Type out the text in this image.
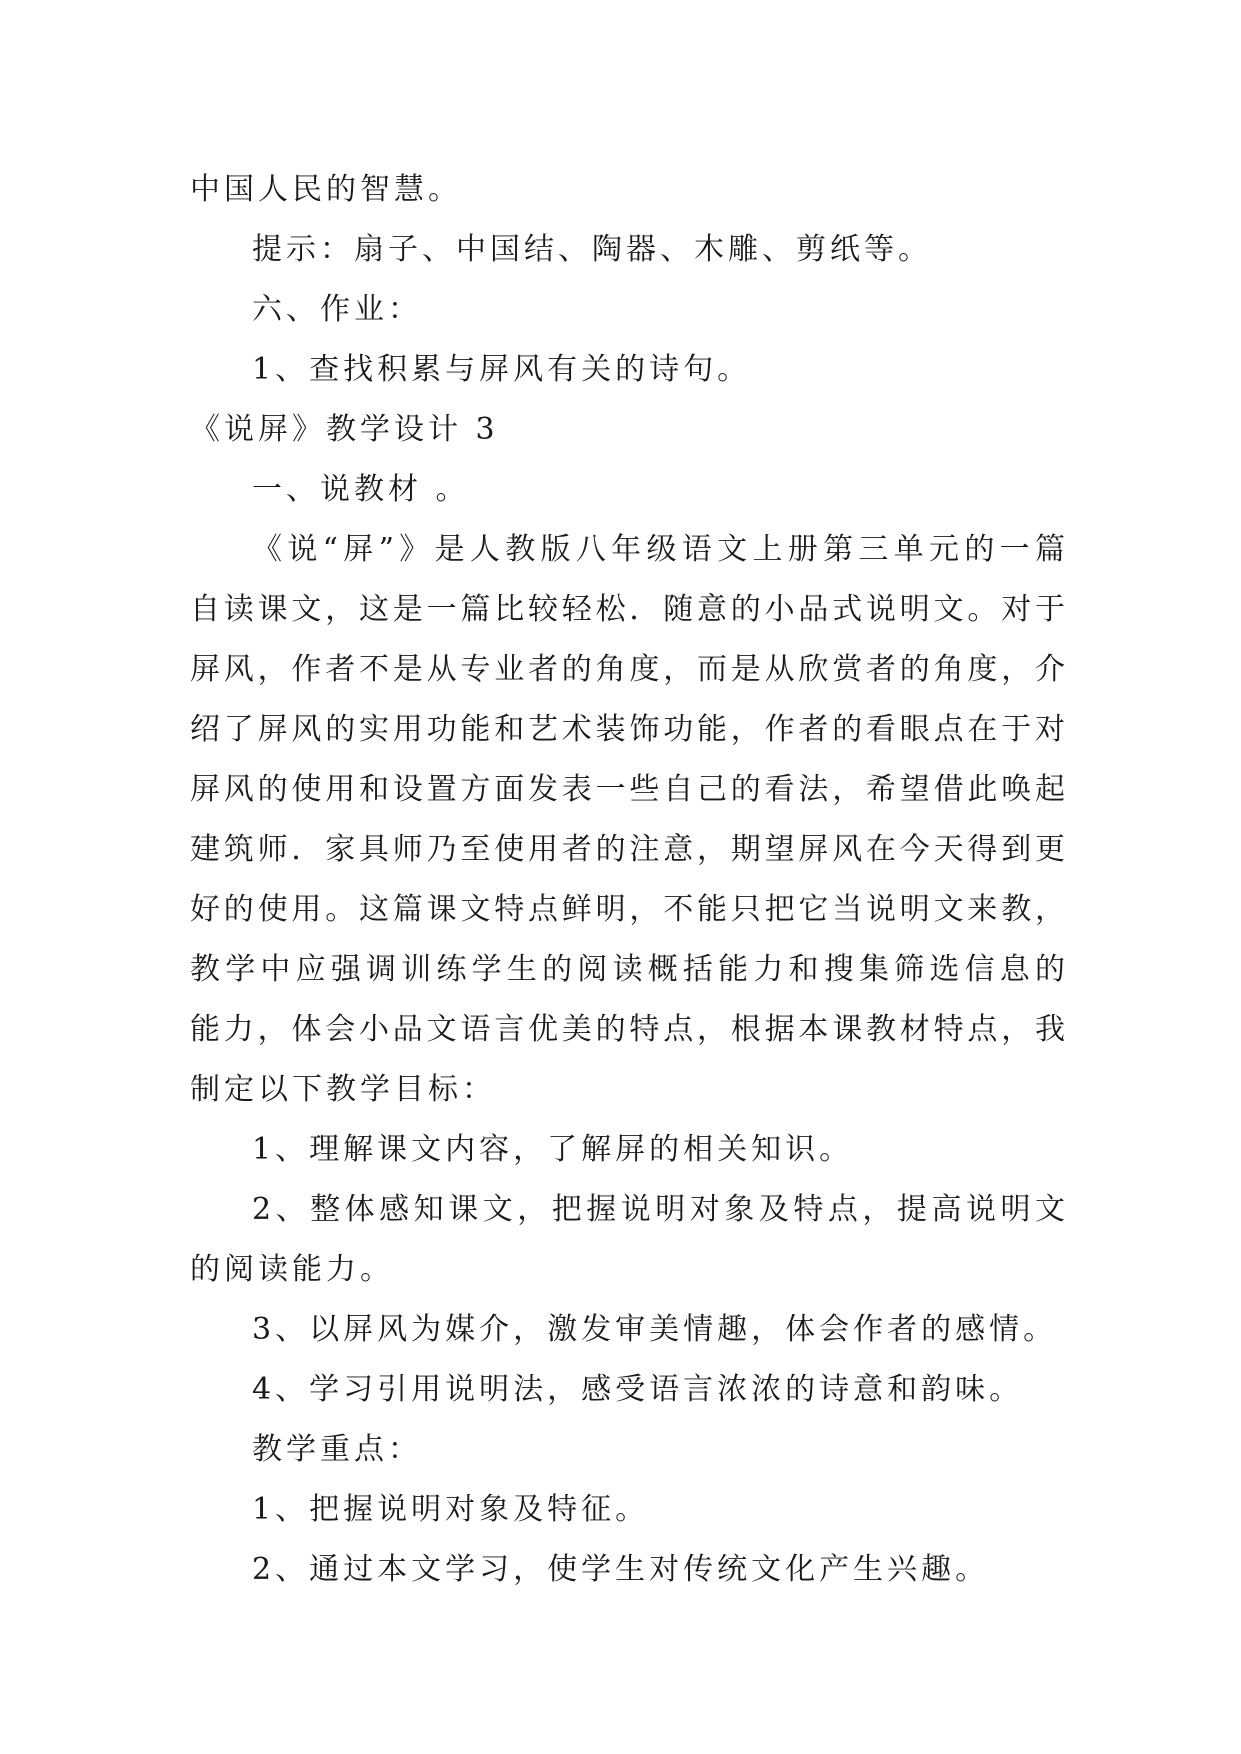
中国人民的智慧。
提示：扇子、中国结、陶器、木雕、剪纸等。
六、作业：
1、查找积累与屏风有关的诗句。
《说屏》教学设计 3
一、说教材 。
《说“屏”》是人教版八年级语文上册第三单元的一篇
自读课文，这是一篇比较轻松．随意的小品式说明文。对于
屏风，作者不是从专业者的角度，而是从欣赏者的角度，介
绍了屏风的实用功能和艺术装饰功能，作者的看眼点在于对
屏风的使用和设置方面发表一些自己的看法，希望借此唤起
建筑师．家具师乃至使用者的注意，期望屏风在今天得到更
好的使用。这篇课文特点鲜明，不能只把它当说明文来教，
教学中应强调训练学生的阅读概括能力和搜集筛选信息的
能力，体会小品文语言优美的特点，根据本课教材特点，我
制定以下教学目标：
1、理解课文内容，了解屏的相关知识。
2、整体感知课文，把握说明对象及特点，提高说明文
的阅读能力。
3、以屏风为媒介，激发审美情趣，体会作者的感情。
4、学习引用说明法，感受语言浓浓的诗意和韵味。
教学重点：
1、把握说明对象及特征。
2、通过本文学习，使学生对传统文化产生兴趣。
